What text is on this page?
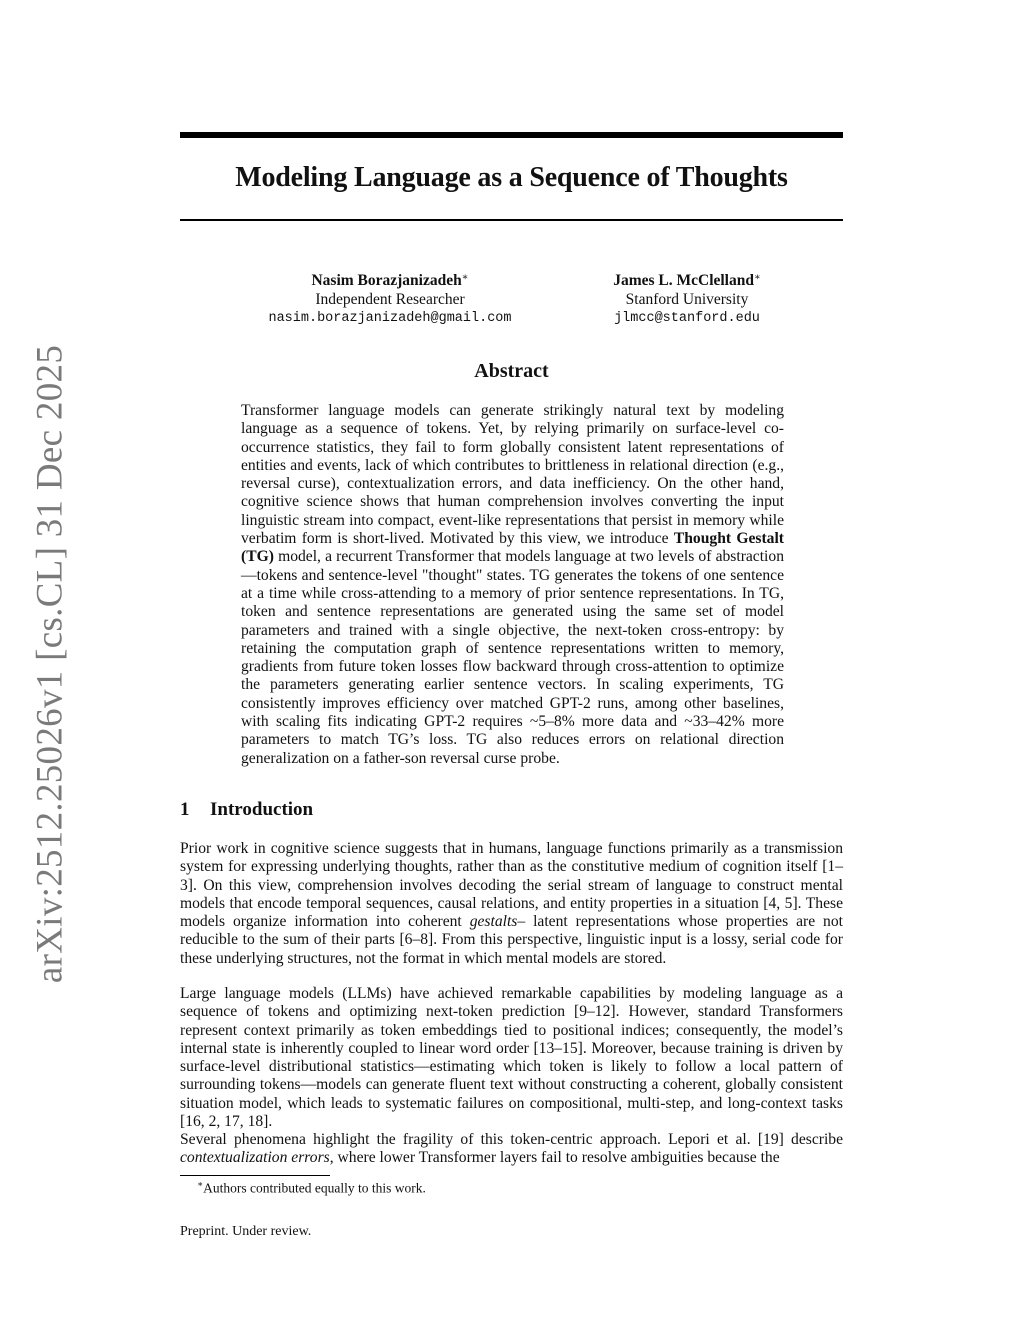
arXiv:2512.25026v1 [cs.CL] 31 Dec 2025
Modeling Language as a Sequence of Thoughts
Nasim Borazjanizadeh∗
Independent Researcher
nasim.borazjanizadeh@gmail.com
James L. McClelland∗
Stanford University
jlmcc@stanford.edu
Abstract

Transformer language models can generate strikingly natural text by modeling language as a sequence of tokens. Yet, by relying primarily on surface-level co-occurrence statistics, they fail to form globally consistent latent representations of entities and events, lack of which contributes to brittleness in relational direction (e.g., reversal curse), contextualization errors, and data inefficiency. On the other hand, cognitive science shows that human comprehension involves converting the input linguistic stream into compact, event-like representations that persist in memory while verbatim form is short-lived. Motivated by this view, we introduce Thought Gestalt (TG) model, a recurrent Transformer that models language at two levels of abstraction—tokens and sentence-level "thought" states. TG generates the tokens of one sentence at a time while cross-attending to a memory of prior sentence representations. In TG, token and sentence representations are generated using the same set of model parameters and trained with a single objective, the next-token cross-entropy: by retaining the computation graph of sentence representations written to memory, gradients from future token losses flow backward through cross-attention to optimize the parameters generating earlier sentence vectors. In scaling experiments, TG consistently improves efficiency over matched GPT-2 runs, among other baselines, with scaling fits indicating GPT-2 requires ~5–8% more data and ~33–42% more parameters to match TG’s loss. TG also reduces errors on relational direction generalization on a father-son reversal curse probe.

1 Introduction

Prior work in cognitive science suggests that in humans, language functions primarily as a transmission system for expressing underlying thoughts, rather than as the constitutive medium of cognition itself [1–3]. On this view, comprehension involves decoding the serial stream of language to construct mental models that encode temporal sequences, causal relations, and entity properties in a situation [4, 5]. These models organize information into coherent gestalts– latent representations whose properties are not reducible to the sum of their parts [6–8]. From this perspective, linguistic input is a lossy, serial code for these underlying structures, not the format in which mental models are stored.

Large language models (LLMs) have achieved remarkable capabilities by modeling language as a sequence of tokens and optimizing next-token prediction [9–12]. However, standard Transformers represent context primarily as token embeddings tied to positional indices; consequently, the model’s internal state is inherently coupled to linear word order [13–15]. Moreover, because training is driven by surface-level distributional statistics—estimating which token is likely to follow a local pattern of surrounding tokens—models can generate fluent text without constructing a coherent, globally consistent situation model, which leads to systematic failures on compositional, multi-step, and long-context tasks [16, 2, 17, 18].

Several phenomena highlight the fragility of this token-centric approach. Lepori et al. [19] describe contextualization errors, where lower Transformer layers fail to resolve ambiguities because the

∗Authors contributed equally to this work.

Preprint. Under review.
